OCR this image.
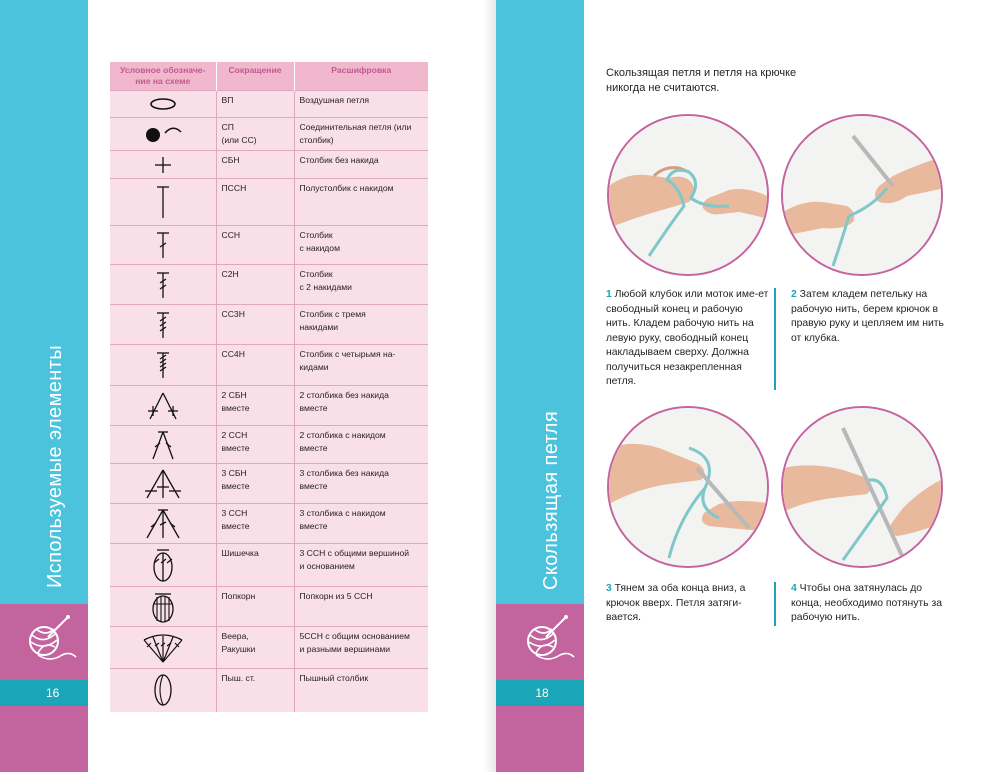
Используемые элементы
16
Условное обозначе-ние на схеме	Сокращение	Расшифровка

	ВП	Воздушная петля

	СП
(или СС)	Соединительная петля (или столбик)

	СБН	Столбик без накида

	ПССН	Полустолбик с накидом

	ССН	Столбик
с накидом

	С2Н	Столбик
с 2 накидами

	СС3Н	Столбик с тремя
накидами

	СС4Н	Столбик с четырьмя на-
кидами

	2 СБН
вместе	2 столбика без накида
вместе

	2 ССН
вместе	2 столбика с накидом
вместе

	3 СБН
вместе	3 столбика без накида
вместе

	3 ССН
вместе	3 столбика с накидом
вместе

	Шишечка	3 ССН с общими вершиной
и основанием

	Попкорн	Попкорн из 5 ССН

	Веера,
Ракушки	5ССН с общим основанием
и разными вершинами

	Пыш. ст.	Пышный столбик
Скользящая петля
18
Скользящая петля и петля на крючке никогда не считаются.
1 Любой клубок или моток име-ет свободный конец и рабочую нить. Кладем рабочую нить на левую руку, свободный конец накладываем сверху. Должна получиться незакрепленная петля.
2 Затем кладем петельку на рабочую нить, берем крючок в правую руку и цепляем им нить от клубка.
3 Тянем за оба конца вниз, а крючок вверх. Петля затяги-вается.
4 Чтобы она затянулась до конца, необходимо потянуть за рабочую нить.
